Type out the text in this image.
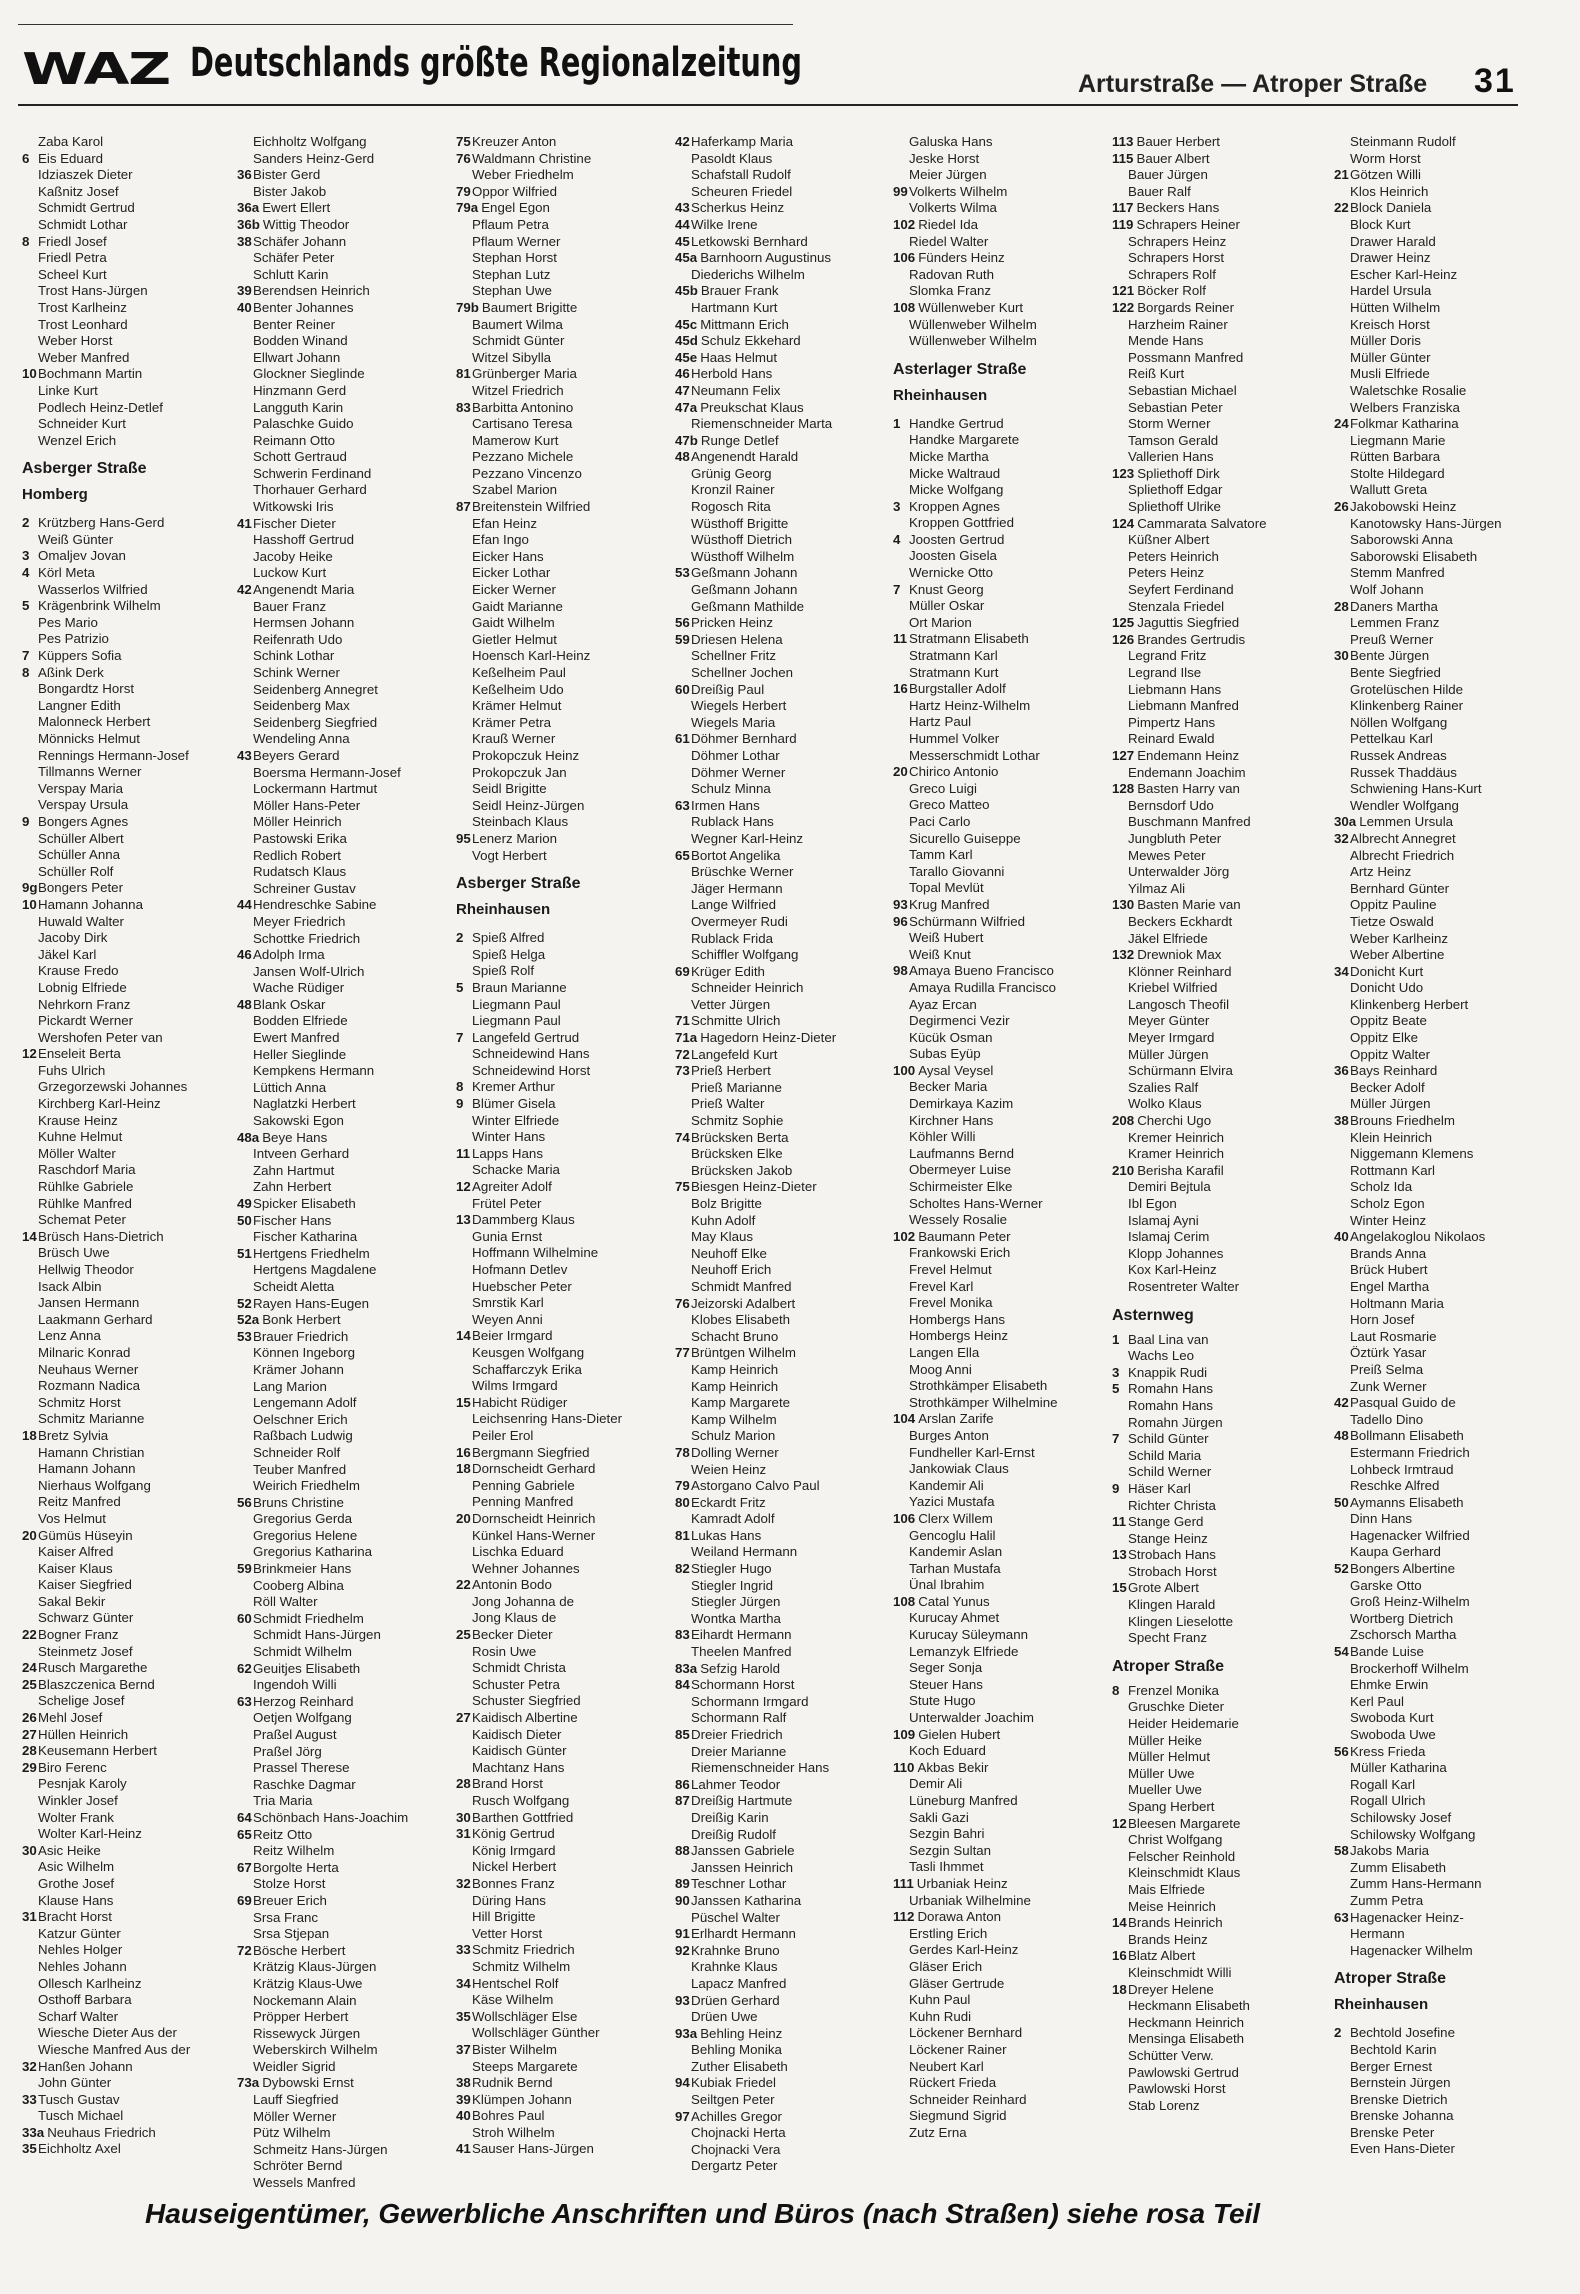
WAZ Deutschlands größte Regionalzeitung	Arturstraße — Atroper Straße 31
Zaba Karol
6 Eis Eduard
Idziaszek Dieter
Kaßnitz Josef
Schmidt Gertrud
Schmidt Lothar
8 Friedl Josef
Friedl Petra
Scheel Kurt
Trost Hans-Jürgen
Trost Karlheinz
Trost Leonhard
Weber Horst
Weber Manfred
10Bochmann Martin
Linke Kurt
Podlech Heinz-Detlef
Schneider Kurt
Wenzel Erich
Asberger Straße
Homberg
2 Krützberg Hans-Gerd
Weiß Günter
3 Omaljev Jovan
4 Körl Meta
Wasserlos Wilfried
5 Krägenbrink Wilhelm
Pes Mario
Pes Patrizio
7 Küppers Sofia
8 Aßink Derk
Bongardtz Horst
Langner Edith
Malonneck Herbert
Mönnicks Helmut
Rennings Hermann-Josef
Tillmanns Werner
Verspay Maria
Verspay Ursula
9 Bongers Agnes
Schüller Albert
Schüller Anna
Schüller Rolf
9gBongers Peter
10Hamann Johanna
Huwald Walter
Jacoby Dirk
Jäkel Karl
Krause Fredo
Lobnig Elfriede
Nehrkorn Franz
Pickardt Werner
Wershofen Peter van
12Enseleit Berta
Fuhs Ulrich
Grzegorzewski Johannes
Kirchberg Karl-Heinz
Krause Heinz
Kuhne Helmut
Möller Walter
Raschdorf Maria
Rühlke Gabriele
Rühlke Manfred
Schemat Peter
14Brüsch Hans-Dietrich
Brüsch Uwe
Hellwig Theodor
Isack Albin
Jansen Hermann
Laakmann Gerhard
Lenz Anna
Milnaric Konrad
Neuhaus Werner
Rozmann Nadica
Schmitz Horst
Schmitz Marianne
18Bretz Sylvia
Hamann Christian
Hamann Johann
Nierhaus Wolfgang
Reitz Manfred
Vos Helmut
20Gümüs Hüseyin
Kaiser Alfred
Kaiser Klaus
Kaiser Siegfried
Sakal Bekir
Schwarz Günter
22Bogner Franz
Steinmetz Josef
24Rusch Margarethe
25Blaszczenica Bernd
Schelige Josef
26Mehl Josef
27Hüllen Heinrich
28Keusemann Herbert
29Biro Ferenc
Pesnjak Karoly
Winkler Josef
Wolter Frank
Wolter Karl-Heinz
30Asic Heike
Asic Wilhelm
Grothe Josef
Klause Hans
31Bracht Horst
Katzur Günter
Nehles Holger
Nehles Johann
Ollesch Karlheinz
Osthoff Barbara
Scharf Walter
Wiesche Dieter Aus der
Wiesche Manfred Aus der
32Hanßen Johann
John Günter
33Tusch Gustav
Tusch Michael
33a Neuhaus Friedrich
35Eichholtz Axel
Eichholtz Wolfgang
Sanders Heinz-Gerd
36Bister Gerd
Bister Jakob
36a Ewert Ellert
36b Wittig Theodor
38Schäfer Johann
Schäfer Peter
Schlutt Karin
39Berendsen Heinrich
40Benter Johannes
Benter Reiner
Bodden Winand
Ellwart Johann
Glockner Sieglinde
Hinzmann Gerd
Langguth Karin
Palaschke Guido
Reimann Otto
Schott Gertraud
Schwerin Ferdinand
Thorhauer Gerhard
Witkowski Iris
41Fischer Dieter
Hasshoff Gertrud
Jacoby Heike
Luckow Kurt
42Angenendt Maria
Bauer Franz
Hermsen Johann
Reifenrath Udo
Schink Lothar
Schink Werner
Seidenberg Annegret
Seidenberg Max
Seidenberg Siegfried
Wendeling Anna
43Beyers Gerard
Boersma Hermann-Josef
Lockermann Hartmut
Möller Hans-Peter
Möller Heinrich
Pastowski Erika
Redlich Robert
Rudatsch Klaus
Schreiner Gustav
44Hendreschke Sabine
Meyer Friedrich
Schottke Friedrich
46Adolph Irma
Jansen Wolf-Ulrich
Wache Rüdiger
48Blank Oskar
Bodden Elfriede
Ewert Manfred
Heller Sieglinde
Kempkens Hermann
Lüttich Anna
Naglatzki Herbert
Sakowski Egon
48a Beye Hans
Intveen Gerhard
Zahn Hartmut
Zahn Herbert
49Spicker Elisabeth
50Fischer Hans
Fischer Katharina
51Hertgens Friedhelm
Hertgens Magdalene
Scheidt Aletta
52Rayen Hans-Eugen
52a Bonk Herbert
53Brauer Friedrich
Können Ingeborg
Krämer Johann
Lang Marion
Lengemann Adolf
Oelschner Erich
Raßbach Ludwig
Schneider Rolf
Teuber Manfred
Weirich Friedhelm
56Bruns Christine
Gregorius Gerda
Gregorius Helene
Gregorius Katharina
59Brinkmeier Hans
Cooberg Albina
Röll Walter
60Schmidt Friedhelm
Schmidt Hans-Jürgen
Schmidt Wilhelm
62Geuitjes Elisabeth
Ingendoh Willi
63Herzog Reinhard
Oetjen Wolfgang
Praßel August
Praßel Jörg
Prassel Therese
Raschke Dagmar
Tria Maria
64Schönbach Hans-Joachim
65Reitz Otto
Reitz Wilhelm
67Borgolte Herta
Stolze Horst
69Breuer Erich
Srsa Franc
Srsa Stjepan
72Bösche Herbert
Krätzig Klaus-Jürgen
Krätzig Klaus-Uwe
Nockemann Alain
Pröpper Herbert
Rissewyck Jürgen
Weberskirch Wilhelm
Weidler Sigrid
73a Dybowski Ernst
Lauff Siegfried
Möller Werner
Pütz Wilhelm
Schmeitz Hans-Jürgen
Schröter Bernd
Wessels Manfred
75Kreuzer Anton
76Waldmann Christine
Weber Friedhelm
79Oppor Wilfried
79a Engel Egon
Pflaum Petra
Pflaum Werner
Stephan Horst
Stephan Lutz
Stephan Uwe
79b Baumert Brigitte
Baumert Wilma
Schmidt Günter
Witzel Sibylla
81Grünberger Maria
Witzel Friedrich
83Barbitta Antonino
Cartisano Teresa
Mamerow Kurt
Pezzano Michele
Pezzano Vincenzo
Szabel Marion
87Breitenstein Wilfried
Efan Heinz
Efan Ingo
Eicker Hans
Eicker Lothar
Eicker Werner
Gaidt Marianne
Gaidt Wilhelm
Gietler Helmut
Hoensch Karl-Heinz
Keßelheim Paul
Keßelheim Udo
Krämer Helmut
Krämer Petra
Krauß Werner
Prokopczuk Heinz
Prokopczuk Jan
Seidl Brigitte
Seidl Heinz-Jürgen
Steinbach Klaus
95Lenerz Marion
Vogt Herbert
Asberger Straße
Rheinhausen
2 Spieß Alfred
Spieß Helga
Spieß Rolf
5 Braun Marianne
Liegmann Paul
Liegmann Paul
7 Langefeld Gertrud
Schneidewind Hans
Schneidewind Horst
8 Kremer Arthur
9 Blümer Gisela
Winter Elfriede
Winter Hans
11 Lapps Hans
Schacke Maria
12Agreiter Adolf
Frütel Peter
13Dammberg Klaus
Gunia Ernst
Hoffmann Wilhelmine
Hofmann Detlev
Huebscher Peter
Smrstik Karl
Weyen Anni
14Beier Irmgard
Keusgen Wolfgang
Schaffarczyk Erika
Wilms Irmgard
15Habicht Rüdiger
Leichsenring Hans-Dieter
Peiler Erol
16Bergmann Siegfried
18Dornscheidt Gerhard
Penning Gabriele
Penning Manfred
20Dornscheidt Heinrich
Künkel Hans-Werner
Lischka Eduard
Wehner Johannes
22Antonin Bodo
Jong Johanna de
Jong Klaus de
25Becker Dieter
Rosin Uwe
Schmidt Christa
Schuster Petra
Schuster Siegfried
27Kaidisch Albertine
Kaidisch Dieter
Kaidisch Günter
Machtanz Hans
28Brand Horst
Rusch Wolfgang
30Barthen Gottfried
31König Gertrud
König Irmgard
Nickel Herbert
32Bonnes Franz
Düring Hans
Hill Brigitte
Vetter Horst
33Schmitz Friedrich
Schmitz Wilhelm
34Hentschel Rolf
Käse Wilhelm
35Wollschläger Else
Wollschläger Günther
37Bister Wilhelm
Steeps Margarete
38Rudnik Bernd
39Klümpen Johann
40Bohres Paul
Stroh Wilhelm
41Sauser Hans-Jürgen
42Haferkamp Maria
Pasoldt Klaus
Schafstall Rudolf
Scheuren Friedel
43Scherkus Heinz
44Wilke Irene
45Letkowski Bernhard
45a Barnhoorn Augustinus
Diederichs Wilhelm
45b Brauer Frank
Hartmann Kurt
45c Mittmann Erich
45d Schulz Ekkehard
45e Haas Helmut
46Herbold Hans
47Neumann Felix
47a Preukschat Klaus
Riemenschneider Marta
47b Runge Detlef
48Angenendt Harald
Grünig Georg
Kronzil Rainer
Rogosch Rita
Wüsthoff Brigitte
Wüsthoff Dietrich
Wüsthoff Wilhelm
53Geßmann Johann
Geßmann Johann
Geßmann Mathilde
56Pricken Heinz
59Driesen Helena
Schellner Fritz
Schellner Jochen
60Dreißig Paul
Wiegels Herbert
Wiegels Maria
61Döhmer Bernhard
Döhmer Lothar
Döhmer Werner
Schulz Minna
63Irmen Hans
Rublack Hans
Wegner Karl-Heinz
65Bortot Angelika
Brüschke Werner
Jäger Hermann
Lange Wilfried
Overmeyer Rudi
Rublack Frida
Schiffler Wolfgang
69Krüger Edith
Schneider Heinrich
Vetter Jürgen
71Schmitte Ulrich
71a Hagedorn Heinz-Dieter
72Langefeld Kurt
73Prieß Herbert
Prieß Marianne
Prieß Walter
Schmitz Sophie
74Brücksken Berta
Brücksken Elke
Brücksken Jakob
75Biesgen Heinz-Dieter
Bolz Brigitte
Kuhn Adolf
May Klaus
Neuhoff Elke
Neuhoff Erich
Schmidt Manfred
76Jeizorski Adalbert
Klobes Elisabeth
Schacht Bruno
77Brüntgen Wilhelm
Kamp Heinrich
Kamp Heinrich
Kamp Margarete
Kamp Wilhelm
Schulz Marion
78Dolling Werner
Weien Heinz
79Astorgano Calvo Paul
80Eckardt Fritz
Kamradt Adolf
81Lukas Hans
Weiland Hermann
82Stiegler Hugo
Stiegler Ingrid
Stiegler Jürgen
Wontka Martha
83Eihardt Hermann
Theelen Manfred
83a Sefzig Harold
84Schormann Horst
Schormann Irmgard
Schormann Ralf
85Dreier Friedrich
Dreier Marianne
Riemenschneider Hans
86Lahmer Teodor
87Dreißig Hartmute
Dreißig Karin
Dreißig Rudolf
88Janssen Gabriele
Janssen Heinrich
89Teschner Lothar
90Janssen Katharina
Püschel Walter
91Erlhardt Hermann
92Krahnke Bruno
Krahnke Klaus
Lapacz Manfred
93Drüen Gerhard
Drüen Uwe
93a Behling Heinz
Behling Monika
Zuther Elisabeth
94Kubiak Friedel
Seiltgen Peter
97Achilles Gregor
Chojnacki Herta
Chojnacki Vera
Dergartz Peter
Galuska Hans
Jeske Horst
Meier Jürgen
99Volkerts Wilhelm
Volkerts Wilma
102 Riedel Ida
Riedel Walter
106 Fünders Heinz
Radovan Ruth
Slomka Franz
108 Wüllenweber Kurt
Wüllenweber Wilhelm
Wüllenweber Wilhelm
Asterlager Straße
Rheinhausen
1 Handke Gertrud
Handke Margarete
Micke Martha
Micke Waltraud
Micke Wolfgang
3 Kroppen Agnes
Kroppen Gottfried
4 Joosten Gertrud
Joosten Gisela
Wernicke Otto
7 Knust Georg
Müller Oskar
Ort Marion
11 Stratmann Elisabeth
Stratmann Karl
Stratmann Kurt
16Burgstaller Adolf
Hartz Heinz-Wilhelm
Hartz Paul
Hummel Volker
Messerschmidt Lothar
20Chirico Antonio
Greco Luigi
Greco Matteo
Paci Carlo
Sicurello Guiseppe
Tamm Karl
Tarallo Giovanni
Topal Mevlüt
93Krug Manfred
96Schürmann Wilfried
Weiß Hubert
Weiß Knut
98Amaya Bueno Francisco
Amaya Rudilla Francisco
Ayaz Ercan
Degirmenci Vezir
Kücük Osman
Subas Eyüp
100 Aysal Veysel
Becker Maria
Demirkaya Kazim
Kirchner Hans
Köhler Willi
Laufmanns Bernd
Obermeyer Luise
Schirmeister Elke
Scholtes Hans-Werner
Wessely Rosalie
102 Baumann Peter
Frankowski Erich
Frevel Helmut
Frevel Karl
Frevel Monika
Hombergs Hans
Hombergs Heinz
Langen Ella
Moog Anni
Strothkämper Elisabeth
Strothkämper Wilhelmine
104 Arslan Zarife
Burges Anton
Fundheller Karl-Ernst
Jankowiak Claus
Kandemir Ali
Yazici Mustafa
106 Clerx Willem
Gencoglu Halil
Kandemir Aslan
Tarhan Mustafa
Ünal Ibrahim
108 Catal Yunus
Kurucay Ahmet
Kurucay Süleymann
Lemanzyk Elfriede
Seger Sonja
Steuer Hans
Stute Hugo
Unterwalder Joachim
109 Gielen Hubert
Koch Eduard
110 Akbas Bekir
Demir Ali
Lüneburg Manfred
Sakli Gazi
Sezgin Bahri
Sezgin Sultan
Tasli Ihmmet
111 Urbaniak Heinz
Urbaniak Wilhelmine
112 Dorawa Anton
Erstling Erich
Gerdes Karl-Heinz
Gläser Erich
Gläser Gertrude
Kuhn Paul
Kuhn Rudi
Löckener Bernhard
Löckener Rainer
Neubert Karl
Rückert Frieda
Schneider Reinhard
Siegmund Sigrid
Zutz Erna
113 Bauer Herbert
115 Bauer Albert
Bauer Jürgen
Bauer Ralf
117 Beckers Hans
119 Schrapers Heiner
Schrapers Heinz
Schrapers Horst
Schrapers Rolf
121 Böcker Rolf
122 Borgards Reiner
Harzheim Rainer
Mende Hans
Possmann Manfred
Reiß Kurt
Sebastian Michael
Sebastian Peter
Storm Werner
Tamson Gerald
Vallerien Hans
123 Spliethoff Dirk
Spliethoff Edgar
Spliethoff Ulrike
124 Cammarata Salvatore
Küßner Albert
Peters Heinrich
Peters Heinz
Seyfert Ferdinand
Stenzala Friedel
125 Jaguttis Siegfried
126 Brandes Gertrudis
Legrand Fritz
Legrand Ilse
Liebmann Hans
Liebmann Manfred
Pimpertz Hans
Reinard Ewald
127 Endemann Heinz
Endemann Joachim
128 Basten Harry van
Bernsdorf Udo
Buschmann Manfred
Jungbluth Peter
Mewes Peter
Unterwalder Jörg
Yilmaz Ali
130 Basten Marie van
Beckers Eckhardt
Jäkel Elfriede
132 Drewniok Max
Klönner Reinhard
Kriebel Wilfried
Langosch Theofil
Meyer Günter
Meyer Irmgard
Müller Jürgen
Schürmann Elvira
Szalies Ralf
Wolko Klaus
208 Cherchi Ugo
Kremer Heinrich
Kramer Heinrich
210 Berisha Karafil
Demiri Bejtula
Ibl Egon
Islamaj Ayni
Islamaj Cerim
Klopp Johannes
Kox Karl-Heinz
Rosentreter Walter
Asternweg
1 Baal Lina van
Wachs Leo
3 Knappik Rudi
5 Romahn Hans
Romahn Hans
Romahn Jürgen
7 Schild Günter
Schild Maria
Schild Werner
9 Häser Karl
Richter Christa
11 Stange Gerd
Stange Heinz
13Strobach Hans
Strobach Horst
15Grote Albert
Klingen Harald
Klingen Lieselotte
Specht Franz
Atroper Straße
8 Frenzel Monika
Gruschke Dieter
Heider Heidemarie
Müller Heike
Müller Helmut
Müller Uwe
Mueller Uwe
Spang Herbert
12Bleesen Margarete
Christ Wolfgang
Felscher Reinhold
Kleinschmidt Klaus
Mais Elfriede
Meise Heinrich
14Brands Heinrich
Brands Heinz
16Blatz Albert
Kleinschmidt Willi
18Dreyer Helene
Heckmann Elisabeth
Heckmann Heinrich
Mensinga Elisabeth
Schütter Verw.
Pawlowski Gertrud
Pawlowski Horst
Stab Lorenz
Steinmann Rudolf
Worm Horst
21Götzen Willi
Klos Heinrich
22Block Daniela
Block Kurt
Drawer Harald
Drawer Heinz
Escher Karl-Heinz
Hardel Ursula
Hütten Wilhelm
Kreisch Horst
Müller Doris
Müller Günter
Musli Elfriede
Waletschke Rosalie
Welbers Franziska
24Folkmar Katharina
Liegmann Marie
Rütten Barbara
Stolte Hildegard
Wallutt Greta
26Jakobowski Heinz
Kanotowsky Hans-Jürgen
Saborowski Anna
Saborowski Elisabeth
Stemm Manfred
Wolf Johann
28Daners Martha
Lemmen Franz
Preuß Werner
30Bente Jürgen
Bente Siegfried
Grotelüschen Hilde
Klinkenberg Rainer
Nöllen Wolfgang
Pettelkau Karl
Russek Andreas
Russek Thaddäus
Schwiening Hans-Kurt
Wendler Wolfgang
30a Lemmen Ursula
32Albrecht Annegret
Albrecht Friedrich
Artz Heinz
Bernhard Günter
Oppitz Pauline
Tietze Oswald
Weber Karlheinz
Weber Albertine
34Donicht Kurt
Donicht Udo
Klinkenberg Herbert
Oppitz Beate
Oppitz Elke
Oppitz Walter
36Bays Reinhard
Becker Adolf
Müller Jürgen
38Brouns Friedhelm
Klein Heinrich
Niggemann Klemens
Rottmann Karl
Scholz Ida
Scholz Egon
Winter Heinz
40Angelakoglou Nikolaos
Brands Anna
Brück Hubert
Engel Martha
Holtmann Maria
Horn Josef
Laut Rosmarie
Öztürk Yasar
Preiß Selma
Zunk Werner
42Pasqual Guido de
Tadello Dino
48Bollmann Elisabeth
Estermann Friedrich
Lohbeck Irmtraud
Reschke Alfred
50Aymanns Elisabeth
Dinn Hans
Hagenacker Wilfried
Kaupa Gerhard
52Bongers Albertine
Garske Otto
Groß Heinz-Wilhelm
Wortberg Dietrich
Zschorsch Martha
54Bande Luise
Brockerhoff Wilhelm
Ehmke Erwin
Kerl Paul
Swoboda Kurt
Swoboda Uwe
56Kress Frieda
Müller Katharina
Rogall Karl
Rogall Ulrich
Schilowsky Josef
Schilowsky Wolfgang
58Jakobs Maria
Zumm Elisabeth
Zumm Hans-Hermann
Zumm Petra
63Hagenacker Heinz-
Hermann
Hagenacker Wilhelm
Atroper Straße
Rheinhausen
2 Bechtold Josefine
Bechtold Karin
Berger Ernest
Bernstein Jürgen
Brenske Dietrich
Brenske Johanna
Brenske Peter
Even Hans-Dieter
Hauseigentümer, Gewerbliche Anschriften und Büros (nach Straßen) siehe rosa Teil
